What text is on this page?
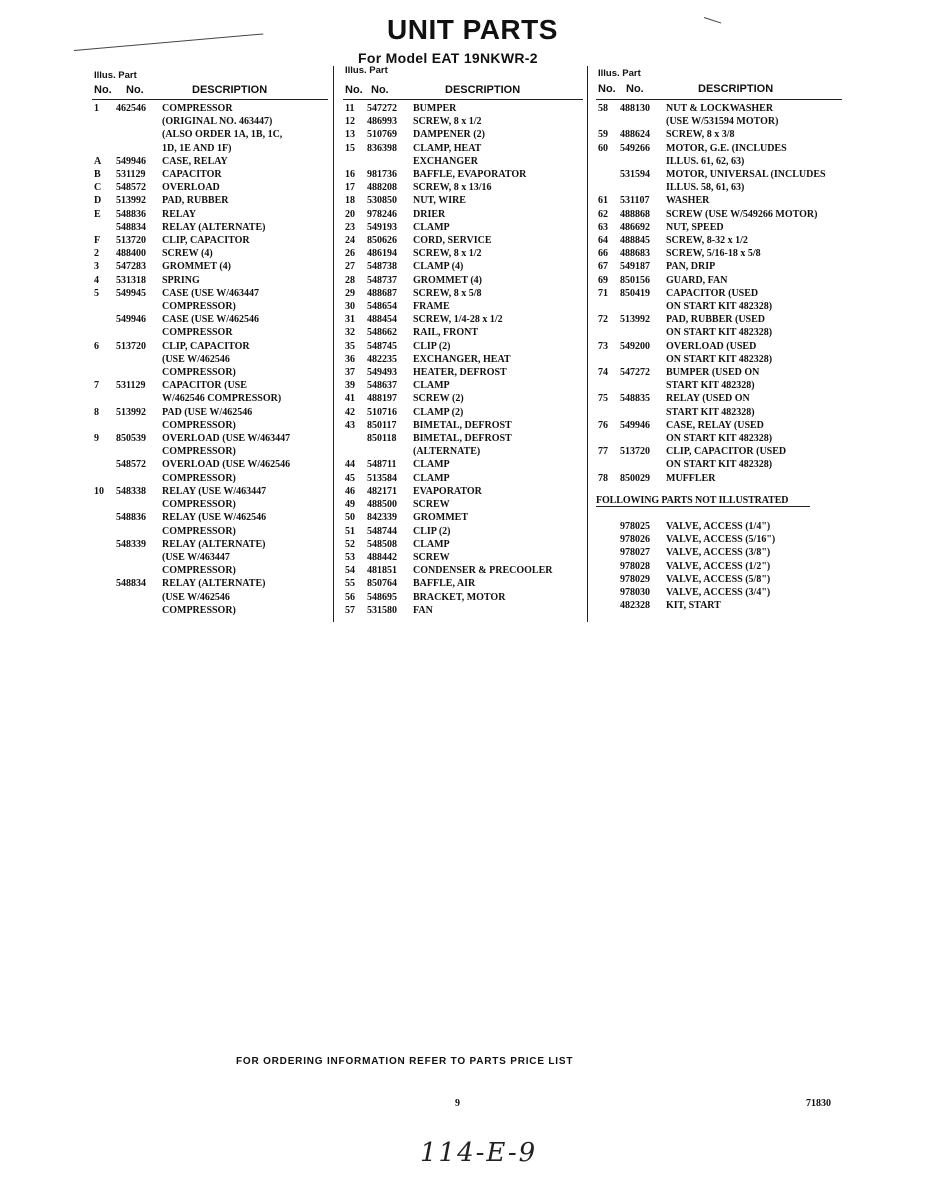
UNIT PARTS
For Model EAT 19NKWR-2
Illus. Part
No. No.	DESCRIPTION
1	462546	COMPRESSOR
(ORIGINAL NO. 463447)
(ALSO ORDER 1A, 1B, 1C,
1D, 1E AND 1F)
A	549946	CASE, RELAY
B	531129	CAPACITOR
C	548572	OVERLOAD
D	513992	PAD, RUBBER
E	548836	RELAY
548834	RELAY (ALTERNATE)
F	513720	CLIP, CAPACITOR
2	488400	SCREW (4)
3	547283	GROMMET (4)
4	531318	SPRING
5	549945	CASE (USE W/463447
COMPRESSOR)
549946	CASE (USE W/462546
COMPRESSOR
6	513720	CLIP, CAPACITOR
(USE W/462546
COMPRESSOR)
7	531129	CAPACITOR (USE
W/462546 COMPRESSOR)
8	513992	PAD (USE W/462546
COMPRESSOR)
9	850539	OVERLOAD (USE W/463447
COMPRESSOR)
548572	OVERLOAD (USE W/462546
COMPRESSOR)
10	548338	RELAY (USE W/463447
COMPRESSOR)
548836	RELAY (USE W/462546
COMPRESSOR)
548339	RELAY (ALTERNATE)
(USE W/463447
COMPRESSOR)
548834	RELAY (ALTERNATE)
(USE W/462546
COMPRESSOR)
Illus. Part
No. No.	DESCRIPTION
11	547272	BUMPER
12	486993	SCREW, 8 x 1/2
13	510769	DAMPENER (2)
15	836398	CLAMP, HEAT
EXCHANGER
16	981736	BAFFLE, EVAPORATOR
17	488208	SCREW, 8 x 13/16
18	530850	NUT, WIRE
20	978246	DRIER
23	549193	CLAMP
24	850626	CORD, SERVICE
26	486194	SCREW, 8 x 1/2
27	548738	CLAMP (4)
28	548737	GROMMET (4)
29	488687	SCREW, 8 x 5/8
30	548654	FRAME
31	488454	SCREW, 1/4-28 x 1/2
32	548662	RAIL, FRONT
35	548745	CLIP (2)
36	482235	EXCHANGER, HEAT
37	549493	HEATER, DEFROST
39	548637	CLAMP
41	488197	SCREW (2)
42	510716	CLAMP (2)
43	850117	BIMETAL, DEFROST
850118	BIMETAL, DEFROST
(ALTERNATE)
44	548711	CLAMP
45	513584	CLAMP
46	482171	EVAPORATOR
49	488500	SCREW
50	842339	GROMMET
51	548744	CLIP (2)
52	548508	CLAMP
53	488442	SCREW
54	481851	CONDENSER & PRECOOLER
55	850764	BAFFLE, AIR
56	548695	BRACKET, MOTOR
57	531580	FAN
Illus. Part
No. No.	DESCRIPTION
58	488130	NUT & LOCKWASHER
(USE W/531594 MOTOR)
59	488624	SCREW, 8 x 3/8
60	549266	MOTOR, G.E. (INCLUDES
ILLUS. 61, 62, 63)
531594	MOTOR, UNIVERSAL (INCLUDES
ILLUS. 58, 61, 63)
61	531107	WASHER
62	488868	SCREW (USE W/549266 MOTOR)
63	486692	NUT, SPEED
64	488845	SCREW, 8-32 x 1/2
66	488683	SCREW, 5/16-18 x 5/8
67	549187	PAN, DRIP
69	850156	GUARD, FAN
71	850419	CAPACITOR (USED
ON START KIT 482328)
72	513992	PAD, RUBBER (USED
ON START KIT 482328)
73	549200	OVERLOAD (USED
ON START KIT 482328)
74	547272	BUMPER (USED ON
START KIT 482328)
75	548835	RELAY (USED ON
START KIT 482328)
76	549946	CASE, RELAY (USED
ON START KIT 482328)
77	513720	CLIP, CAPACITOR (USED
ON START KIT 482328)
78	850029	MUFFLER
FOLLOWING PARTS NOT ILLUSTRATED
978025	VALVE, ACCESS (1/4")
978026	VALVE, ACCESS (5/16")
978027	VALVE, ACCESS (3/8")
978028	VALVE, ACCESS (1/2")
978029	VALVE, ACCESS (5/8")
978030	VALVE, ACCESS (3/4")
482328	KIT, START
FOR ORDERING INFORMATION REFER TO PARTS PRICE LIST
9	71830
114-E-9
